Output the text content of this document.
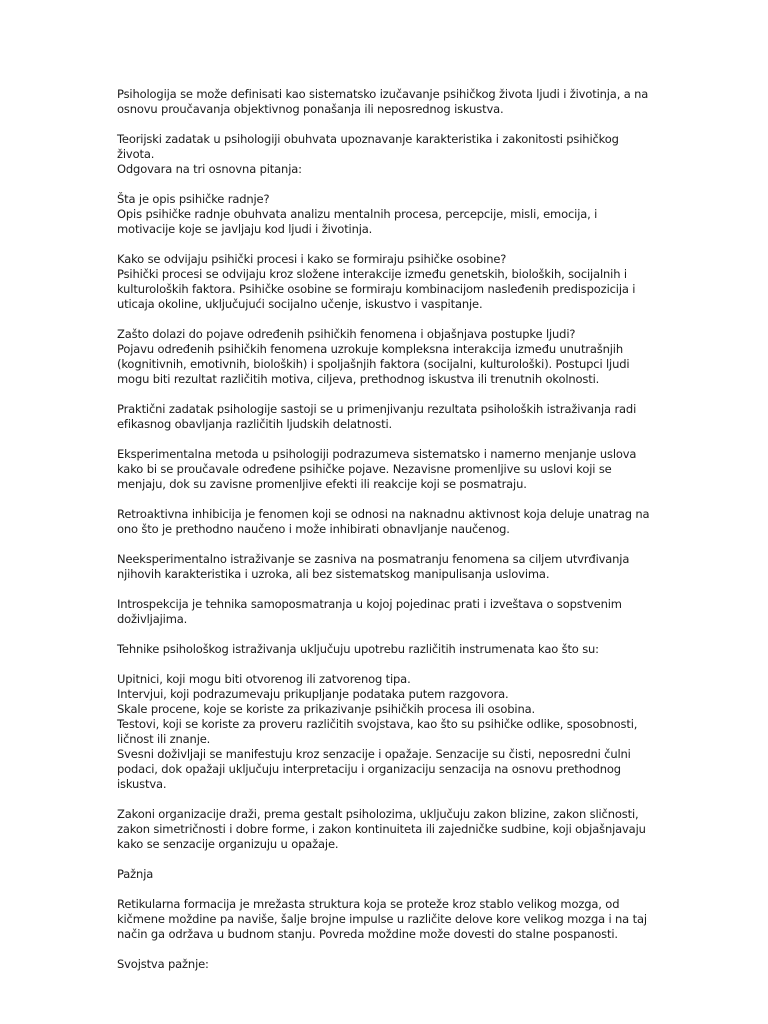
Psihologija se može definisati kao sistematsko izučavanje psihičkog života ljudi i životinja, a na osnovu proučavanja objektivnog ponašanja ili neposrednog iskustva.

Teorijski zadatak u psihologiji obuhvata upoznavanje karakteristika i zakonitosti psihičkog života.
Odgovara na tri osnovna pitanja:

Šta je opis psihičke radnje?
Opis psihičke radnje obuhvata analizu mentalnih procesa, percepcije, misli, emocija, i motivacije koje se javljaju kod ljudi i životinja.

Kako se odvijaju psihički procesi i kako se formiraju psihičke osobine?
Psihički procesi se odvijaju kroz složene interakcije između genetskih, bioloških, socijalnih i kulturoloških faktora. Psihičke osobine se formiraju kombinacijom nasleđenih predispozicija i uticaja okoline, uključujući socijalno učenje, iskustvo i vaspitanje.

Zašto dolazi do pojave određenih psihičkih fenomena i objašnjava postupke ljudi?
Pojavu određenih psihičkih fenomena uzrokuje kompleksna interakcija između unutrašnjih (kognitivnih, emotivnih, bioloških) i spoljašnjih faktora (socijalni, kulturološki). Postupci ljudi mogu biti rezultat različitih motiva, ciljeva, prethodnog iskustva ili trenutnih okolnosti.

Praktični zadatak psihologije sastoji se u primenjivanju rezultata psiholoških istraživanja radi efikasnog obavljanja različitih ljudskih delatnosti.

Eksperimentalna metoda u psihologiji podrazumeva sistematsko i namerno menjanje uslova kako bi se proučavale određene psihičke pojave. Nezavisne promenljive su uslovi koji se menjaju, dok su zavisne promenljive efekti ili reakcije koji se posmatraju.

Retroaktivna inhibicija je fenomen koji se odnosi na naknadnu aktivnost koja deluje unatrag na ono što je prethodno naučeno i može inhibirati obnavljanje naučenog.

Neeksperimentalno istraživanje se zasniva na posmatranju fenomena sa ciljem utvrđivanja njihovih karakteristika i uzroka, ali bez sistematskog manipulisanja uslovima.

Introspekcija je tehnika samoposmatranja u kojoj pojedinac prati i izveštava o sopstvenim doživljajima.

Tehnike psihološkog istraživanja uključuju upotrebu različitih instrumenata kao što su:

Upitnici, koji mogu biti otvorenog ili zatvorenog tipa.
Intervjui, koji podrazumevaju prikupljanje podataka putem razgovora.
Skale procene, koje se koriste za prikazivanje psihičkih procesa ili osobina.
Testovi, koji se koriste za proveru različitih svojstava, kao što su psihičke odlike, sposobnosti, ličnost ili znanje.
Svesni doživljaji se manifestuju kroz senzacije i opažaje. Senzacije su čisti, neposredni čulni podaci, dok opažaji uključuju interpretaciju i organizaciju senzacija na osnovu prethodnog iskustva.

Zakoni organizacije draži, prema gestalt psiholozima, uključuju zakon blizine, zakon sličnosti, zakon simetričnosti i dobre forme, i zakon kontinuiteta ili zajedničke sudbine, koji objašnjavaju kako se senzacije organizuju u opažaje.

Pažnja

Retikularna formacija je mrežasta struktura koja se proteže kroz stablo velikog mozga, od kičmene moždine pa naviše, šalje brojne impulse u različite delove kore velikog mozga i na taj način ga održava u budnom stanju. Povreda moždine može dovesti do stalne pospanosti.

Svojstva pažnje:
